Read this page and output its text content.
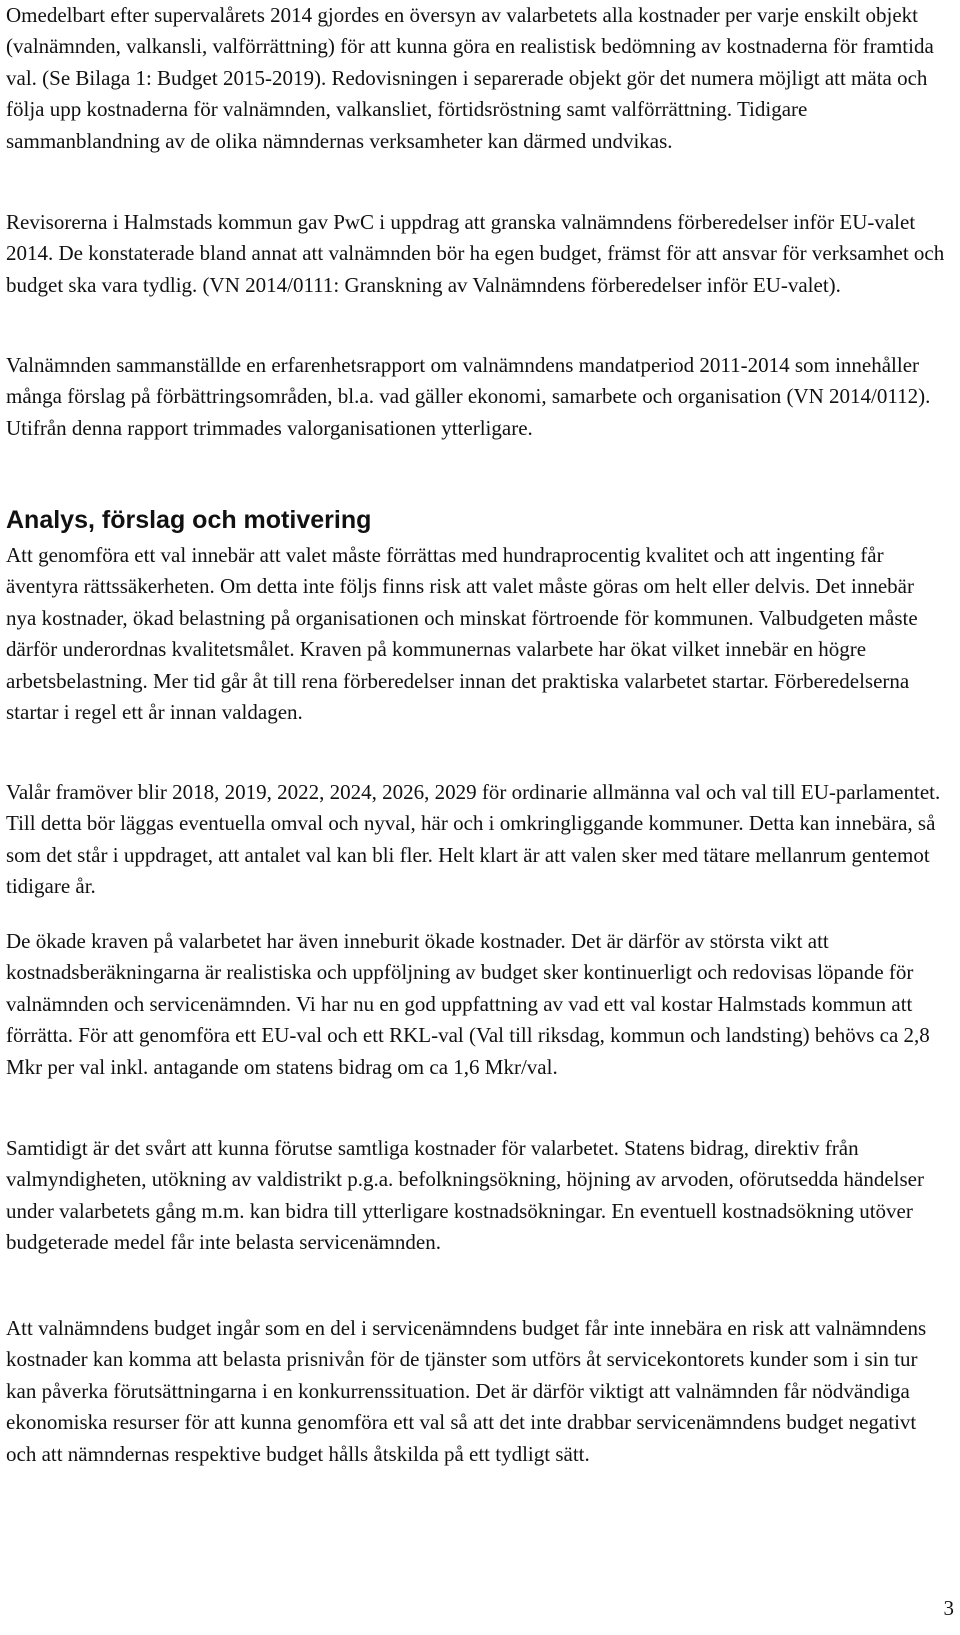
Omedelbart efter supervalårets 2014 gjordes en översyn av valarbetets alla kostnader per varje enskilt objekt (valnämnden, valkansli, valförrättning) för att kunna göra en realistisk bedömning av kostnaderna för framtida val. (Se Bilaga 1: Budget 2015-2019). Redovisningen i separerade objekt gör det numera möjligt att mäta och följa upp kostnaderna för valnämnden, valkansliet, förtidsröstning samt valförrättning. Tidigare sammanblandning av de olika nämndernas verksamheter kan därmed undvikas.

Revisorerna i Halmstads kommun gav PwC i uppdrag att granska valnämndens förberedelser inför EU-valet 2014. De konstaterade bland annat att valnämnden bör ha egen budget, främst för att ansvar för verksamhet och budget ska vara tydlig. (VN 2014/0111: Granskning av Valnämndens förberedelser inför EU-valet).

Valnämnden sammanställde en erfarenhetsrapport om valnämndens mandatperiod 2011-2014 som innehåller många förslag på förbättringsområden, bl.a. vad gäller ekonomi, samarbete och organisation (VN 2014/0112). Utifrån denna rapport trimmades valorganisationen ytterligare.

Analys, förslag och motivering

Att genomföra ett val innebär att valet måste förrättas med hundraprocentig kvalitet och att ingenting får äventyra rättssäkerheten. Om detta inte följs finns risk att valet måste göras om helt eller delvis. Det innebär nya kostnader, ökad belastning på organisationen och minskat förtroende för kommunen. Valbudgeten måste därför underordnas kvalitetsmålet. Kraven på kommunernas valarbete har ökat vilket innebär en högre arbetsbelastning. Mer tid går åt till rena förberedelser innan det praktiska valarbetet startar. Förberedelserna startar i regel ett år innan valdagen.

Valår framöver blir 2018, 2019, 2022, 2024, 2026, 2029 för ordinarie allmänna val och val till EU-parlamentet. Till detta bör läggas eventuella omval och nyval, här och i omkringliggande kommuner. Detta kan innebära, så som det står i uppdraget, att antalet val kan bli fler. Helt klart är att valen sker med tätare mellanrum gentemot tidigare år.

De ökade kraven på valarbetet har även inneburit ökade kostnader. Det är därför av största vikt att kostnadsberäkningarna är realistiska och uppföljning av budget sker kontinuerligt och redovisas löpande för valnämnden och servicenämnden. Vi har nu en god uppfattning av vad ett val kostar Halmstads kommun att förrätta. För att genomföra ett EU-val och ett RKL-val (Val till riksdag, kommun och landsting) behövs ca 2,8 Mkr per val inkl. antagande om statens bidrag om ca 1,6 Mkr/val.

Samtidigt är det svårt att kunna förutse samtliga kostnader för valarbetet. Statens bidrag, direktiv från valmyndigheten, utökning av valdistrikt p.g.a. befolkningsökning, höjning av arvoden, oförutsedda händelser under valarbetets gång m.m. kan bidra till ytterligare kostnadsökningar. En eventuell kostnadsökning utöver budgeterade medel får inte belasta servicenämnden.

Att valnämndens budget ingår som en del i servicenämndens budget får inte innebära en risk att valnämndens kostnader kan komma att belasta prisnivån för de tjänster som utförs åt servicekontorets kunder som i sin tur kan påverka förutsättningarna i en konkurrenssituation. Det är därför viktigt att valnämnden får nödvändiga ekonomiska resurser för att kunna genomföra ett val så att det inte drabbar servicenämndens budget negativt och att nämndernas respektive budget hålls åtskilda på ett tydligt sätt.

3
